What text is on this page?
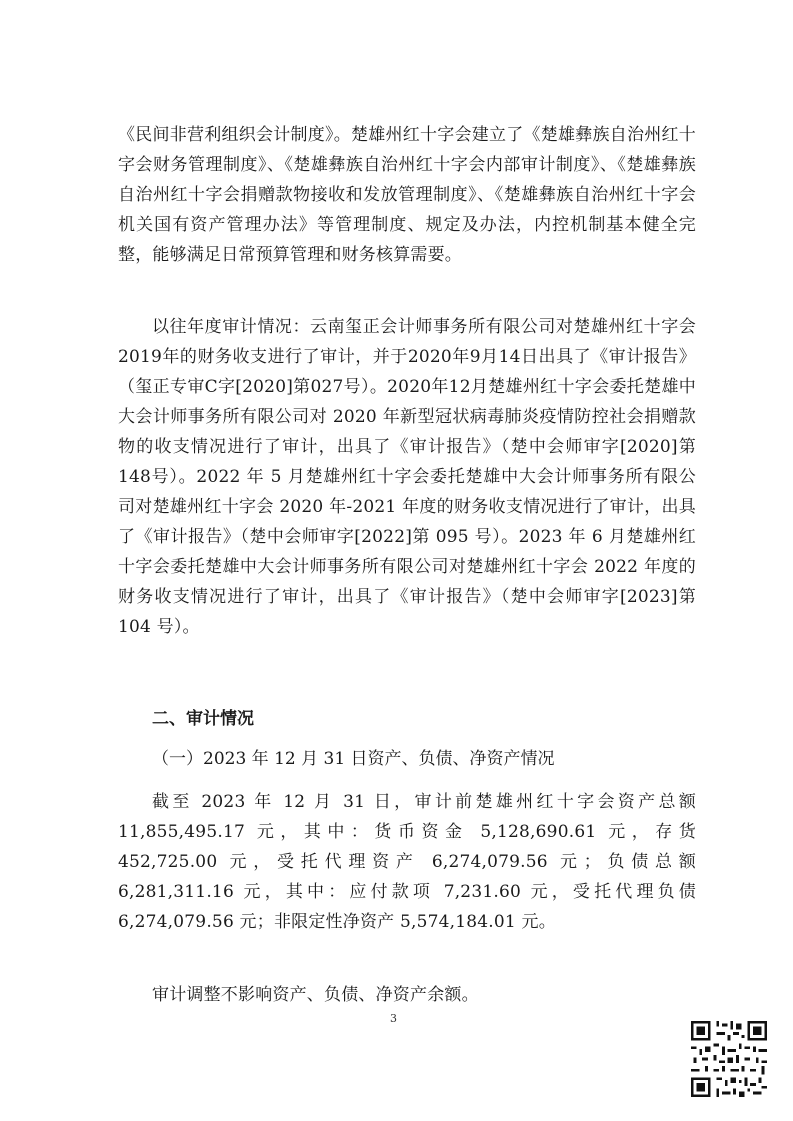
《民间非营利组织会计制度》。楚雄州红十字会建立了《楚雄彝族自治州红十字会财务管理制度》、《楚雄彝族自治州红十字会内部审计制度》、《楚雄彝族自治州红十字会捐赠款物接收和发放管理制度》、《楚雄彝族自治州红十字会机关国有资产管理办法》等管理制度、规定及办法，内控机制基本健全完整，能够满足日常预算管理和财务核算需要。

以往年度审计情况：云南玺正会计师事务所有限公司对楚雄州红十字会2019年的财务收支进行了审计，并于2020年9月14日出具了《审计报告》（玺正专审C字[2020]第027号）。2020年12月楚雄州红十字会委托楚雄中大会计师事务所有限公司对 2020 年新型冠状病毒肺炎疫情防控社会捐赠款物的收支情况进行了审计，出具了《审计报告》（楚中会师审字[2020]第148号）。2022 年 5 月楚雄州红十字会委托楚雄中大会计师事务所有限公司对楚雄州红十字会 2020 年-2021 年度的财务收支情况进行了审计，出具了《审计报告》（楚中会师审字[2022]第 095 号）。2023 年 6 月楚雄州红十字会委托楚雄中大会计师事务所有限公司对楚雄州红十字会 2022 年度的财务收支情况进行了审计，出具了《审计报告》（楚中会师审字[2023]第 104 号）。

二、审计情况
（一）2023 年 12 月 31 日资产、负债、净资产情况

截至 2023 年 12 月 31 日，审计前楚雄州红十字会资产总额 11,855,495.17 元，其中：货币资金 5,128,690.61 元，存货 452,725.00 元，受托代理资产 6,274,079.56 元；负债总额 6,281,311.16 元，其中：应付款项 7,231.60 元，受托代理负债 6,274,079.56 元；非限定性净资产 5,574,184.01 元。

审计调整不影响资产、负债、净资产余额。

3
